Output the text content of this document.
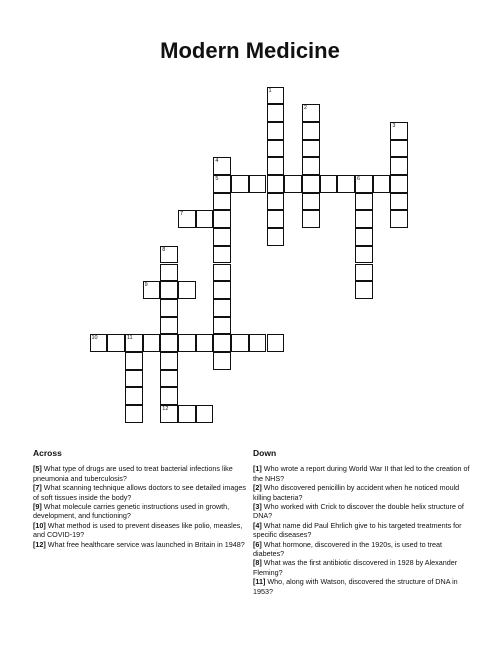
Modern Medicine
1
2
3
4
5	6
7
8
9
10	11
12
Across

[5] What type of drugs are used to treat bacterial infections like pneumonia and tuberculosis?

[7] What scanning technique allows doctors to see detailed images of soft tissues inside the body?

[9] What molecule carries genetic instructions used in growth, development, and functioning?

[10] What method is used to prevent diseases like polio, measles, and COVID-19?

[12] What free healthcare service was launched in Britain in 1948?

Down

[1] Who wrote a report during World War II that led to the creation of the NHS?

[2] Who discovered penicillin by accident when he noticed mould killing bacteria?

[3] Who worked with Crick to discover the double helix structure of DNA?

[4] What name did Paul Ehrlich give to his targeted treatments for specific diseases?

[6] What hormone, discovered in the 1920s, is used to treat diabetes?

[8] What was the first antibiotic discovered in 1928 by Alexander Fleming?

[11] Who, along with Watson, discovered the structure of DNA in 1953?
